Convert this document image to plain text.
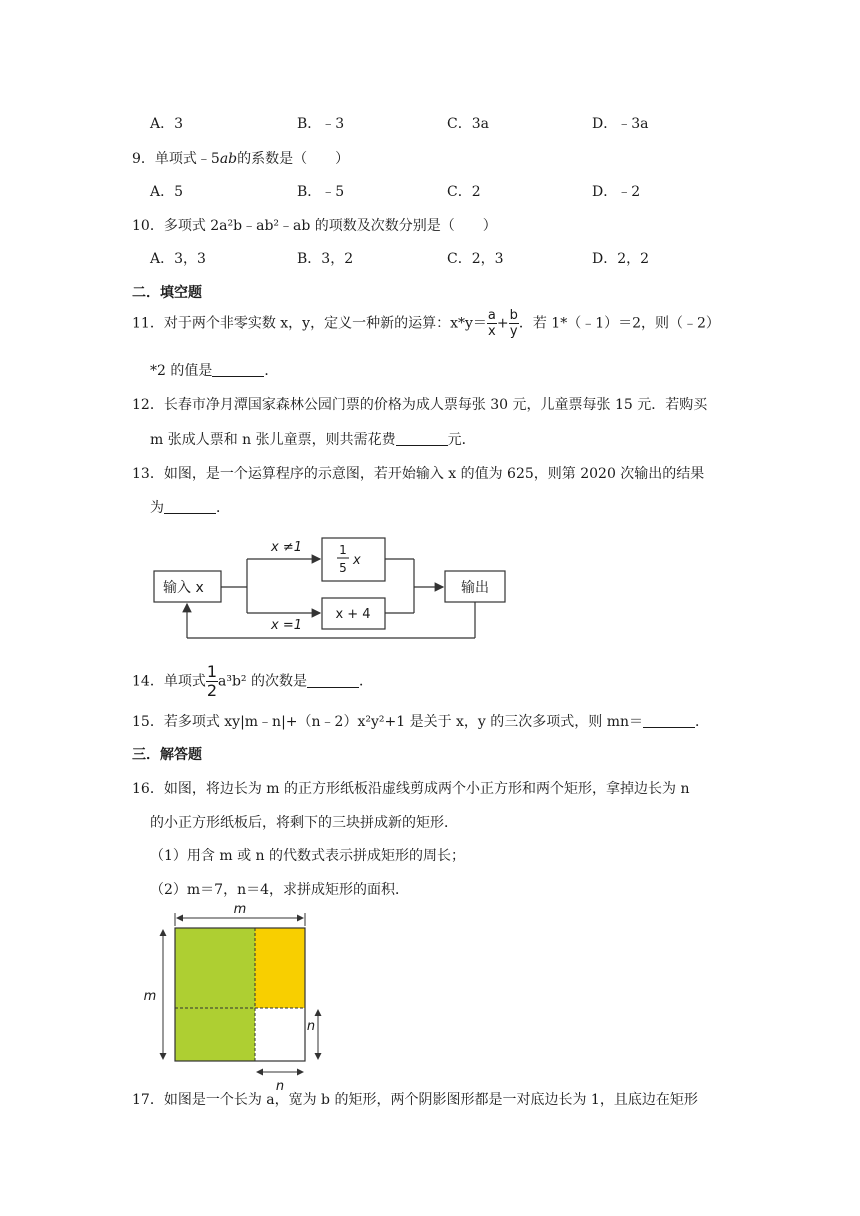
A．3	B．﹣3	C．3a	D．﹣3a
9．单项式﹣5ab的系数是（　　）
A．5	B．﹣5	C．2	D．﹣2
10．多项式 2a²b﹣ab²﹣ab 的项数及次数分别是（　　）
A．3，3	B．3，2	C．2，3	D．2，2
二．填空题
11．对于两个非零实数 x，y，定义一种新的运算：$x*y= \frac{a}{x} + \frac{b}{y}$ ．若 1*（﹣1）＝2，则（﹣2）
*2 的值是	．
12．长春市净月潭国家森林公园门票的价格为成人票每张 30 元，儿童票每张 15 元．若购买
m 张成人票和 n 张儿童票，则共需花费	元．
13．如图，是一个运算程序的示意图，若开始输入 x 的值为 625，则第 2020 次输出的结果
为	．
输入 x
x ≠1
x =1
1
5 x
x + 4
输出
14．单项式 $\frac{1}{2} a^3b^2$ 的次数是	．
15．若多项式 xy|m﹣n|+（n﹣2）x²y²+1 是关于 x，y 的三次多项式，则 mn＝	．
三．解答题
16．如图，将边长为 m 的正方形纸板沿虚线剪成两个小正方形和两个矩形，拿掉边长为 n
的小正方形纸板后，将剩下的三块拼成新的矩形．
（1）用含 m 或 n 的代数式表示拼成矩形的周长；
（2）m＝7，n＝4，求拼成矩形的面积．
m
m
n
n
17．如图是一个长为 a，宽为 b 的矩形，两个阴影图形都是一对底边长为 1，且底边在矩形
